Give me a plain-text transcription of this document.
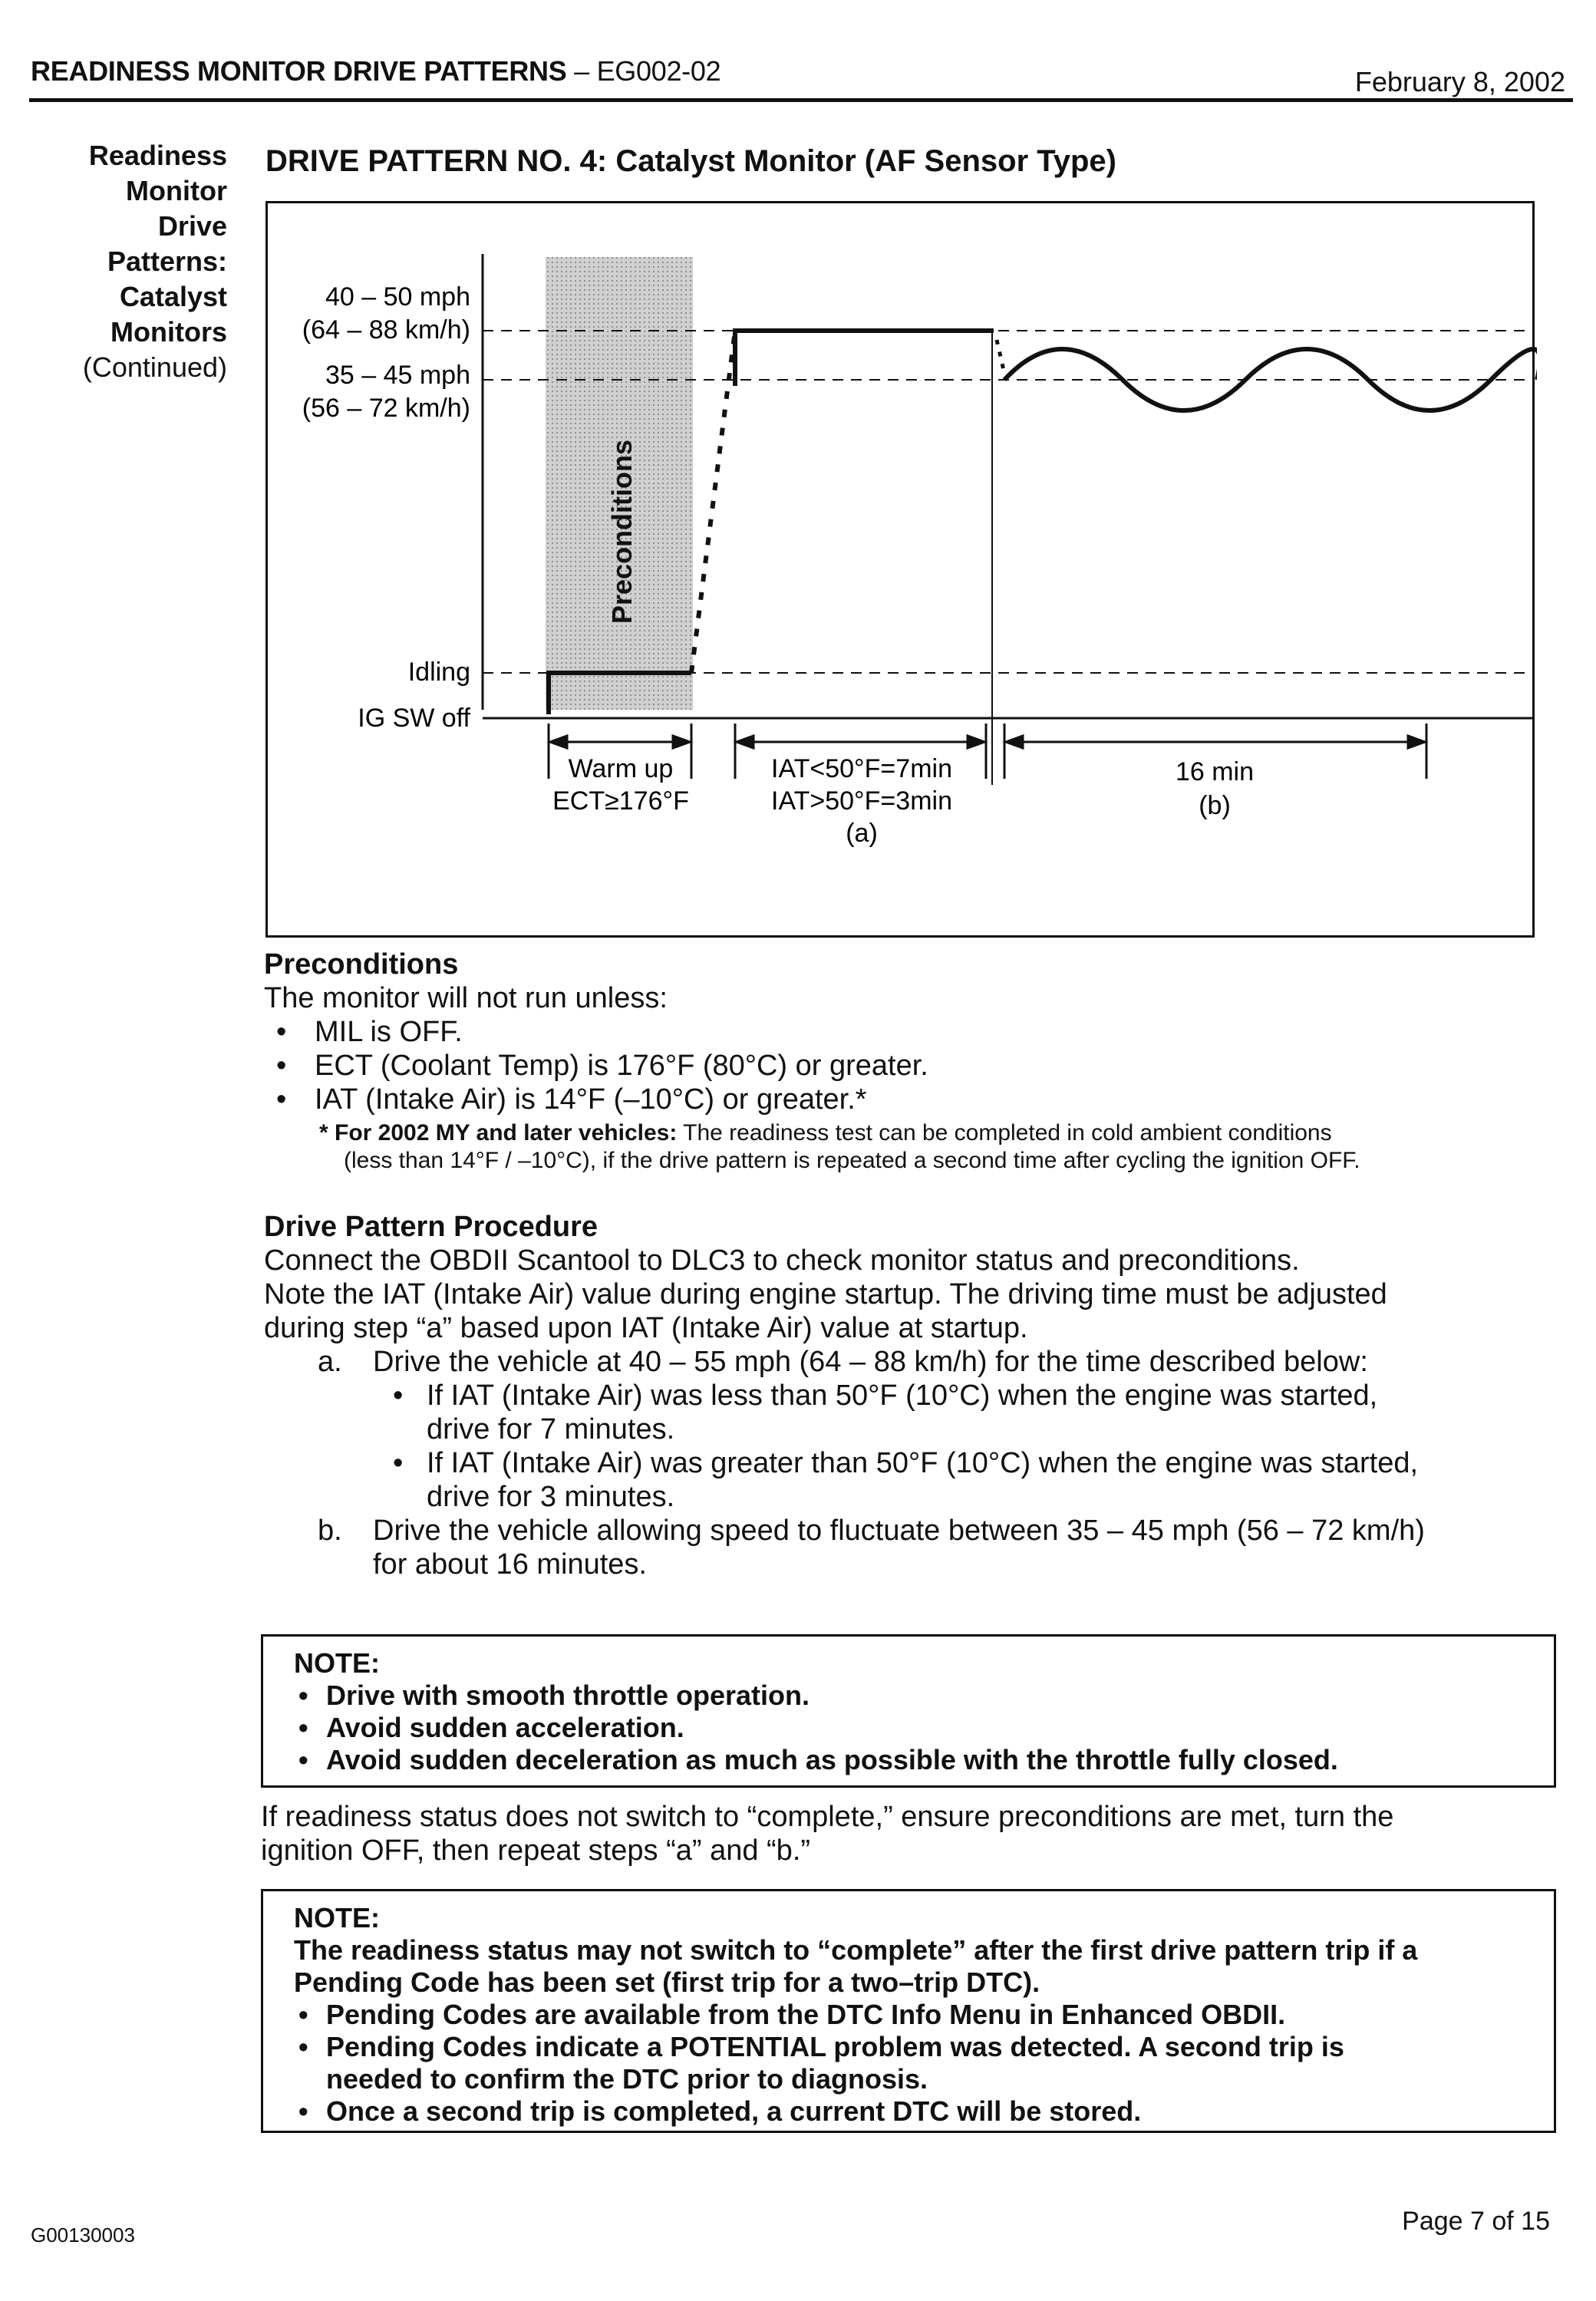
READINESS MONITOR DRIVE PATTERNS – EG002-02	February 8, 2002
Readiness
Monitor
Drive
Patterns:
Catalyst
Monitors
(Continued)
DRIVE PATTERN NO. 4: Catalyst Monitor (AF Sensor Type)
Preconditions
40 – 50 mph
(64 – 88 km/h)
35 – 45 mph
(56 – 72 km/h)
Idling
IG SW off
Warm up
ECT≥176°F
IAT<50°F=7min
IAT>50°F=3min
(a)
16 min
(b)
Preconditions
The monitor will not run unless:
• MIL is OFF.
• ECT (Coolant Temp) is 176°F (80°C) or greater.
• IAT (Intake Air) is 14°F (–10°C) or greater.*
* For 2002 MY and later vehicles: The readiness test can be completed in cold ambient conditions
(less than 14°F / –10°C), if the drive pattern is repeated a second time after cycling the ignition OFF.
Drive Pattern Procedure
Connect the OBDII Scantool to DLC3 to check monitor status and preconditions.
Note the IAT (Intake Air) value during engine startup. The driving time must be adjusted
during step “a” based upon IAT (Intake Air) value at startup.
a. Drive the vehicle at 40 – 55 mph (64 – 88 km/h) for the time described below:
• If IAT (Intake Air) was less than 50°F (10°C) when the engine was started,
drive for 7 minutes.
• If IAT (Intake Air) was greater than 50°F (10°C) when the engine was started,
drive for 3 minutes.
b. Drive the vehicle allowing speed to fluctuate between 35 – 45 mph (56 – 72 km/h)
for about 16 minutes.
NOTE:
• Drive with smooth throttle operation.
• Avoid sudden acceleration.
• Avoid sudden deceleration as much as possible with the throttle fully closed.
If readiness status does not switch to “complete,” ensure preconditions are met, turn the
ignition OFF, then repeat steps “a” and “b.”
NOTE:
The readiness status may not switch to “complete” after the first drive pattern trip if a
Pending Code has been set (first trip for a two–trip DTC).
• Pending Codes are available from the DTC Info Menu in Enhanced OBDII.
• Pending Codes indicate a POTENTIAL problem was detected. A second trip is
needed to confirm the DTC prior to diagnosis.
• Once a second trip is completed, a current DTC will be stored.
G00130003	Page 7 of 15
